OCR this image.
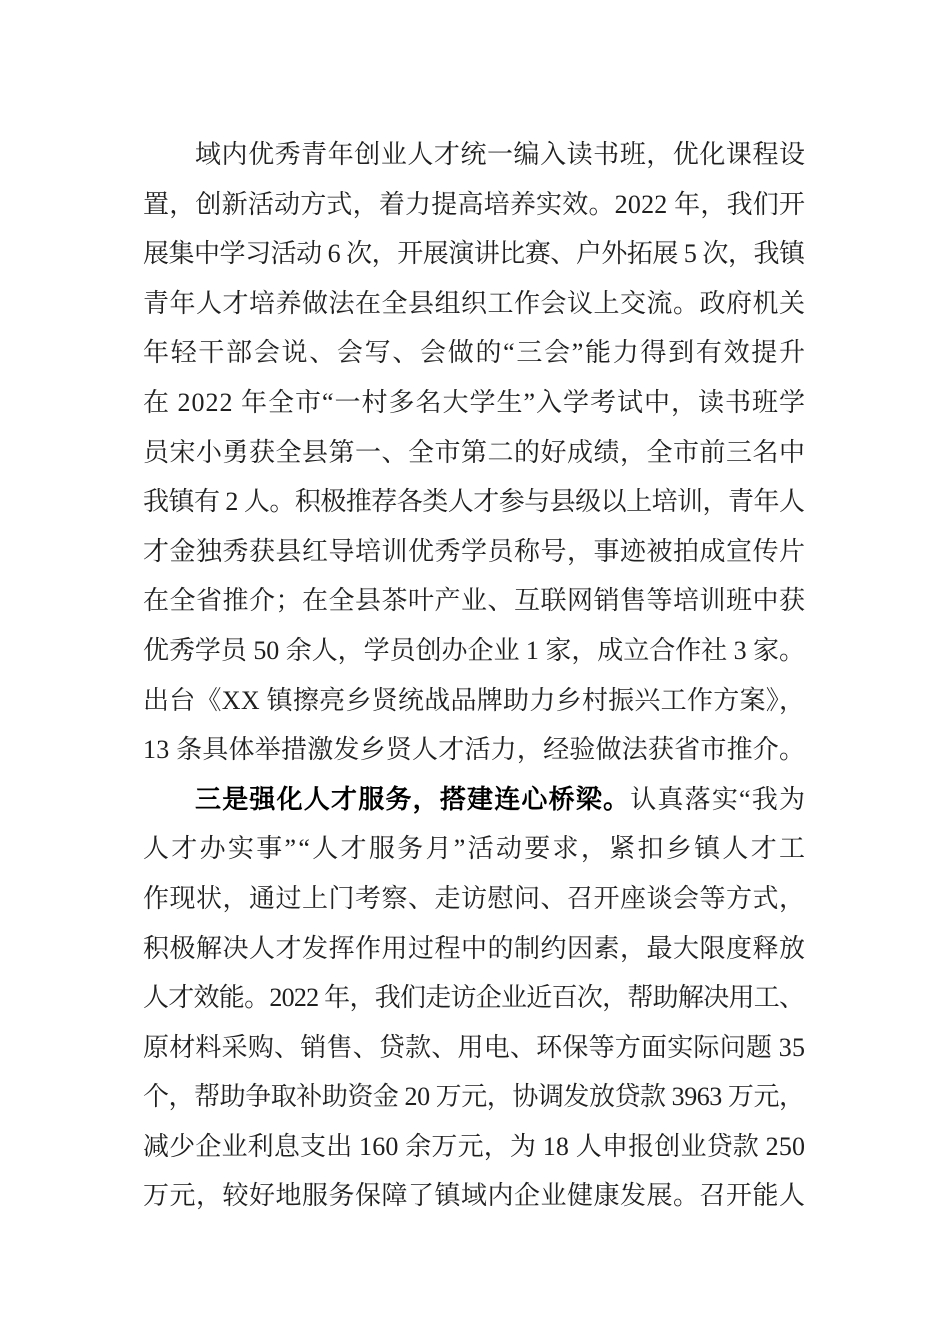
域内优秀青年创业人才统一编入读书班，优化课程设
置，创新活动方式，着力提高培养实效。2022 年，我们开
展集中学习活动 6 次，开展演讲比赛、户外拓展 5 次，我镇
青年人才培养做法在全县组织工作会议上交流。政府机关
年轻干部会说、会写、会做的“三会”能力得到有效提升
在 2022 年全市“一村多名大学生”入学考试中，读书班学
员宋小勇获全县第一、全市第二的好成绩，全市前三名中
我镇有 2 人。积极推荐各类人才参与县级以上培训，青年人
才金独秀获县红导培训优秀学员称号，事迹被拍成宣传片
在全省推介；在全县茶叶产业、互联网销售等培训班中获
优秀学员 50 余人，学员创办企业 1 家，成立合作社 3 家。
出台《XX 镇擦亮乡贤统战品牌助力乡村振兴工作方案》，
13 条具体举措激发乡贤人才活力，经验做法获省市推介。
三是强化人才服务，搭建连心桥梁。认真落实“我为
人才办实事”“人才服务月”活动要求，紧扣乡镇人才工
作现状，通过上门考察、走访慰问、召开座谈会等方式，
积极解决人才发挥作用过程中的制约因素，最大限度释放
人才效能。2022 年，我们走访企业近百次，帮助解决用工、
原材料采购、销售、贷款、用电、环保等方面实际问题 35
个，帮助争取补助资金 20 万元，协调发放贷款 3963 万元，
减少企业利息支出 160 余万元，为 18 人申报创业贷款 250
万元，较好地服务保障了镇域内企业健康发展。召开能人
